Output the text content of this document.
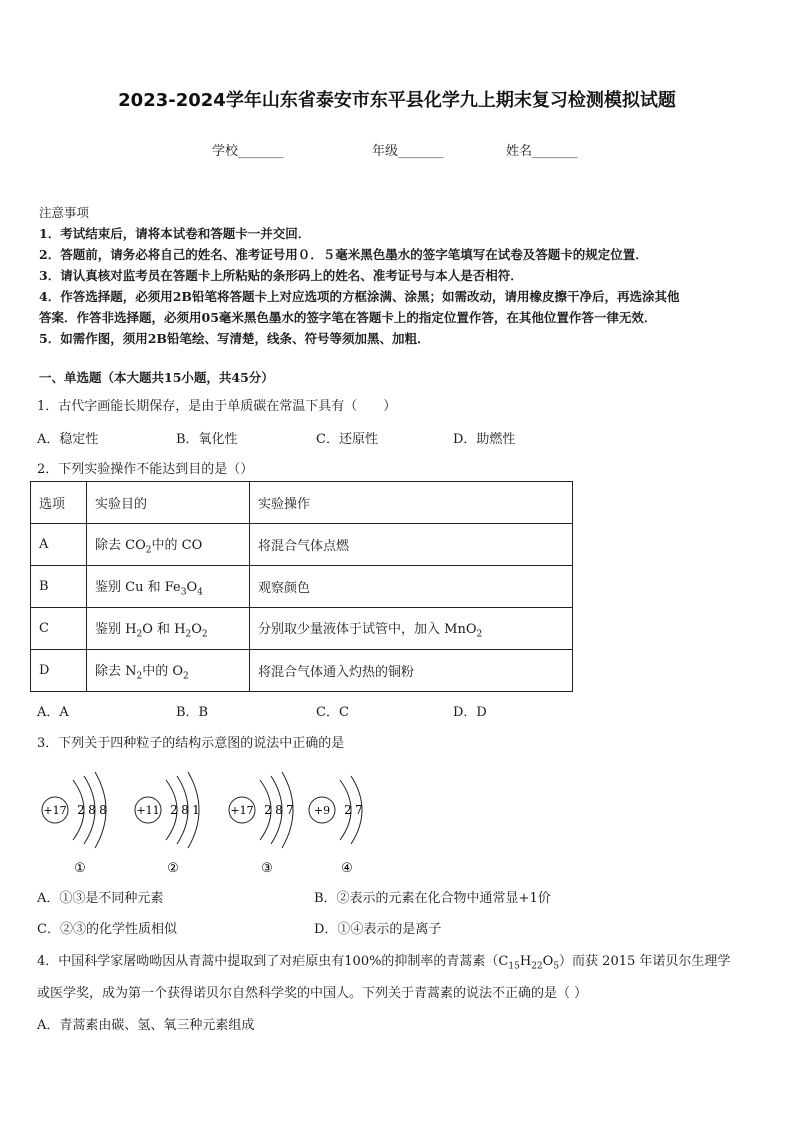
2023-2024学年山东省泰安市东平县化学九上期末复习检测模拟试题
学校_______	年级_______	姓名_______
注意事项
1．考试结束后，请将本试卷和答题卡一并交回．
2．答题前，请务必将自己的姓名、准考证号用０．５毫米黑色墨水的签字笔填写在试卷及答题卡的规定位置．
3．请认真核对监考员在答题卡上所粘贴的条形码上的姓名、准考证号与本人是否相符．
4．作答选择题，必须用2B铅笔将答题卡上对应选项的方框涂满、涂黑；如需改动，请用橡皮擦干净后，再选涂其他
答案．作答非选择题，必须用05毫米黑色墨水的签字笔在答题卡上的指定位置作答，在其他位置作答一律无效．
5．如需作图，须用2B铅笔绘、写清楚，线条、符号等须加黑、加粗．
一、单选题（本大题共15小题，共45分）
1．古代字画能长期保存，是由于单质碳在常温下具有（　　）
A．稳定性	B．氧化性	C．还原性	D．助燃性
2．下列实验操作不能达到目的是（）
选项	实验目的	实验操作
A	除去 $CO_2$中的 CO	将混合气体点燃
B	鉴别 Cu 和 $Fe_3O_4$	观察颜色
C	鉴别 $H_2O$ 和 $H_2O_2$	分别取少量液体于试管中，加入 MnO$_2$
D	除去 $N_2$中的 $O_2$	将混合气体通入灼热的铜粉
A．A	B．B	C．C	D．D
3．下列关于四种粒子的结构示意图的说法中正确的是
+17 2 8 8
①
+11 2 8 1
②
+17 2 8 7
③
+9 2 7
④
A．①③是不同种元素	B．②表示的元素在化合物中通常显+1价
C．②③的化学性质相似	D．①④表示的是离子
4．中国科学家屠呦呦因从青蒿中提取到了对疟原虫有100%的抑制率的青蒿素$(C_{15}H_{22}O_5)$而获 2015 年诺贝尔生理学
或医学奖，成为第一个获得诺贝尔自然科学奖的中国人。下列关于青蒿素的说法不正确的是（ ）
A．青蒿素由碳、氢、氧三种元素组成
